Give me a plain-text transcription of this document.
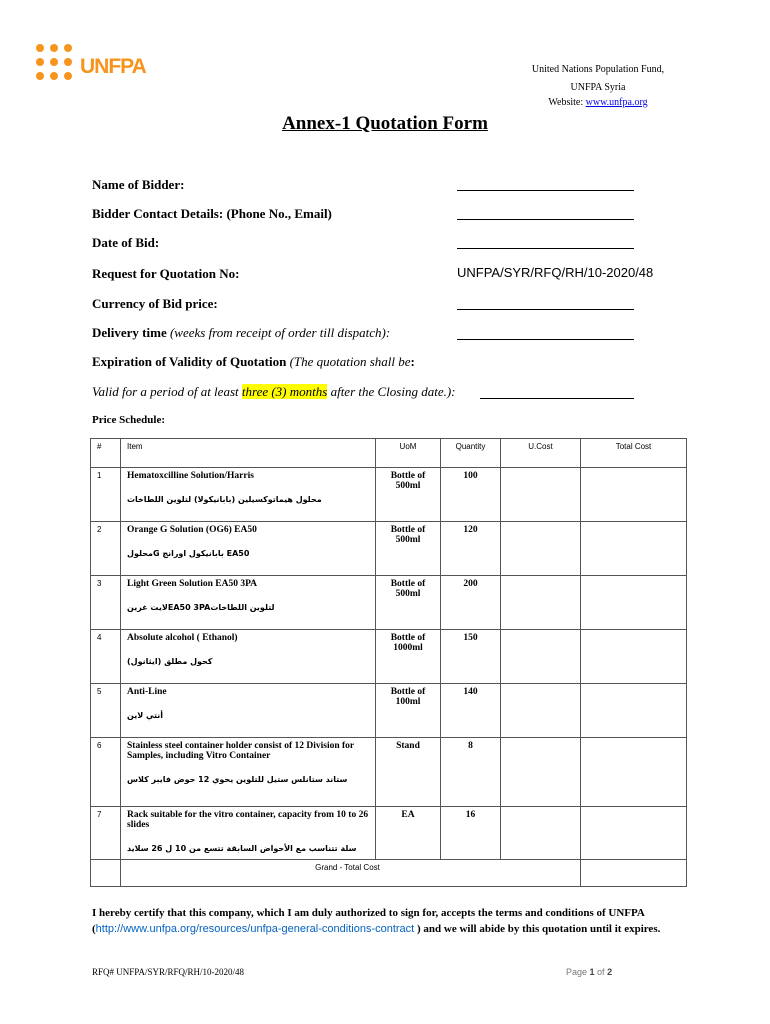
UNFPA	United Nations Population Fund,
UNFPA Syria
Website: www.unfpa.org
Annex-1 Quotation Form
Name of Bidder:
Bidder Contact Details: (Phone No., Email)
Date of Bid:
Request for Quotation No:	UNFPA/SYR/RFQ/RH/10-2020/48
Currency of Bid price:
Delivery time (weeks from receipt of order till dispatch):
Expiration of Validity of Quotation (The quotation shall be:
Valid for a period of at least three (3) months after the Closing date.):
Price Schedule:
#	Item	UoM	Quantity	U.Cost	Total Cost
1	Hematoxcilline Solution/Harris
محلول هيماتوكسيلين (بابانيكولا) لتلوين اللطاخات	Bottle of 500ml	100		
2	Orange G Solution (OG6) EA50
EA50 بابانيكول اورانج Gمحلول	Bottle of 500ml	120		
3	Light Green Solution EA50 3PA
لتلوين اللطاخاتEA50 3PAلايت غرين	Bottle of 500ml	200		
4	Absolute alcohol ( Ethanol)
كحول مطلق (ايثانول)	Bottle of 1000ml	150		
5	Anti-Line
أنتي لاين	Bottle of 100ml	140		
6	Stainless steel container holder consist of 12 Division for Samples, including Vitro Container
ستاند ستانلس ستيل للتلوين يحوي 12 حوض فايبر كلاس	Stand	8		
7	Rack suitable for the vitro container, capacity from 10 to 26 slides
سلة تتناسب مع الأحواض السابقة تتسع من 10 ل 26 سلايد	EA	16		
	Grand - Total Cost				
I hereby certify that this company, which I am duly authorized to sign for, accepts the terms and conditions of UNFPA (http://www.unfpa.org/resources/unfpa-general-conditions-contract ) and we will abide by this quotation until it expires.
RFQ# UNFPA/SYR/RFQ/RH/10-2020/48	Page 1 of 2
